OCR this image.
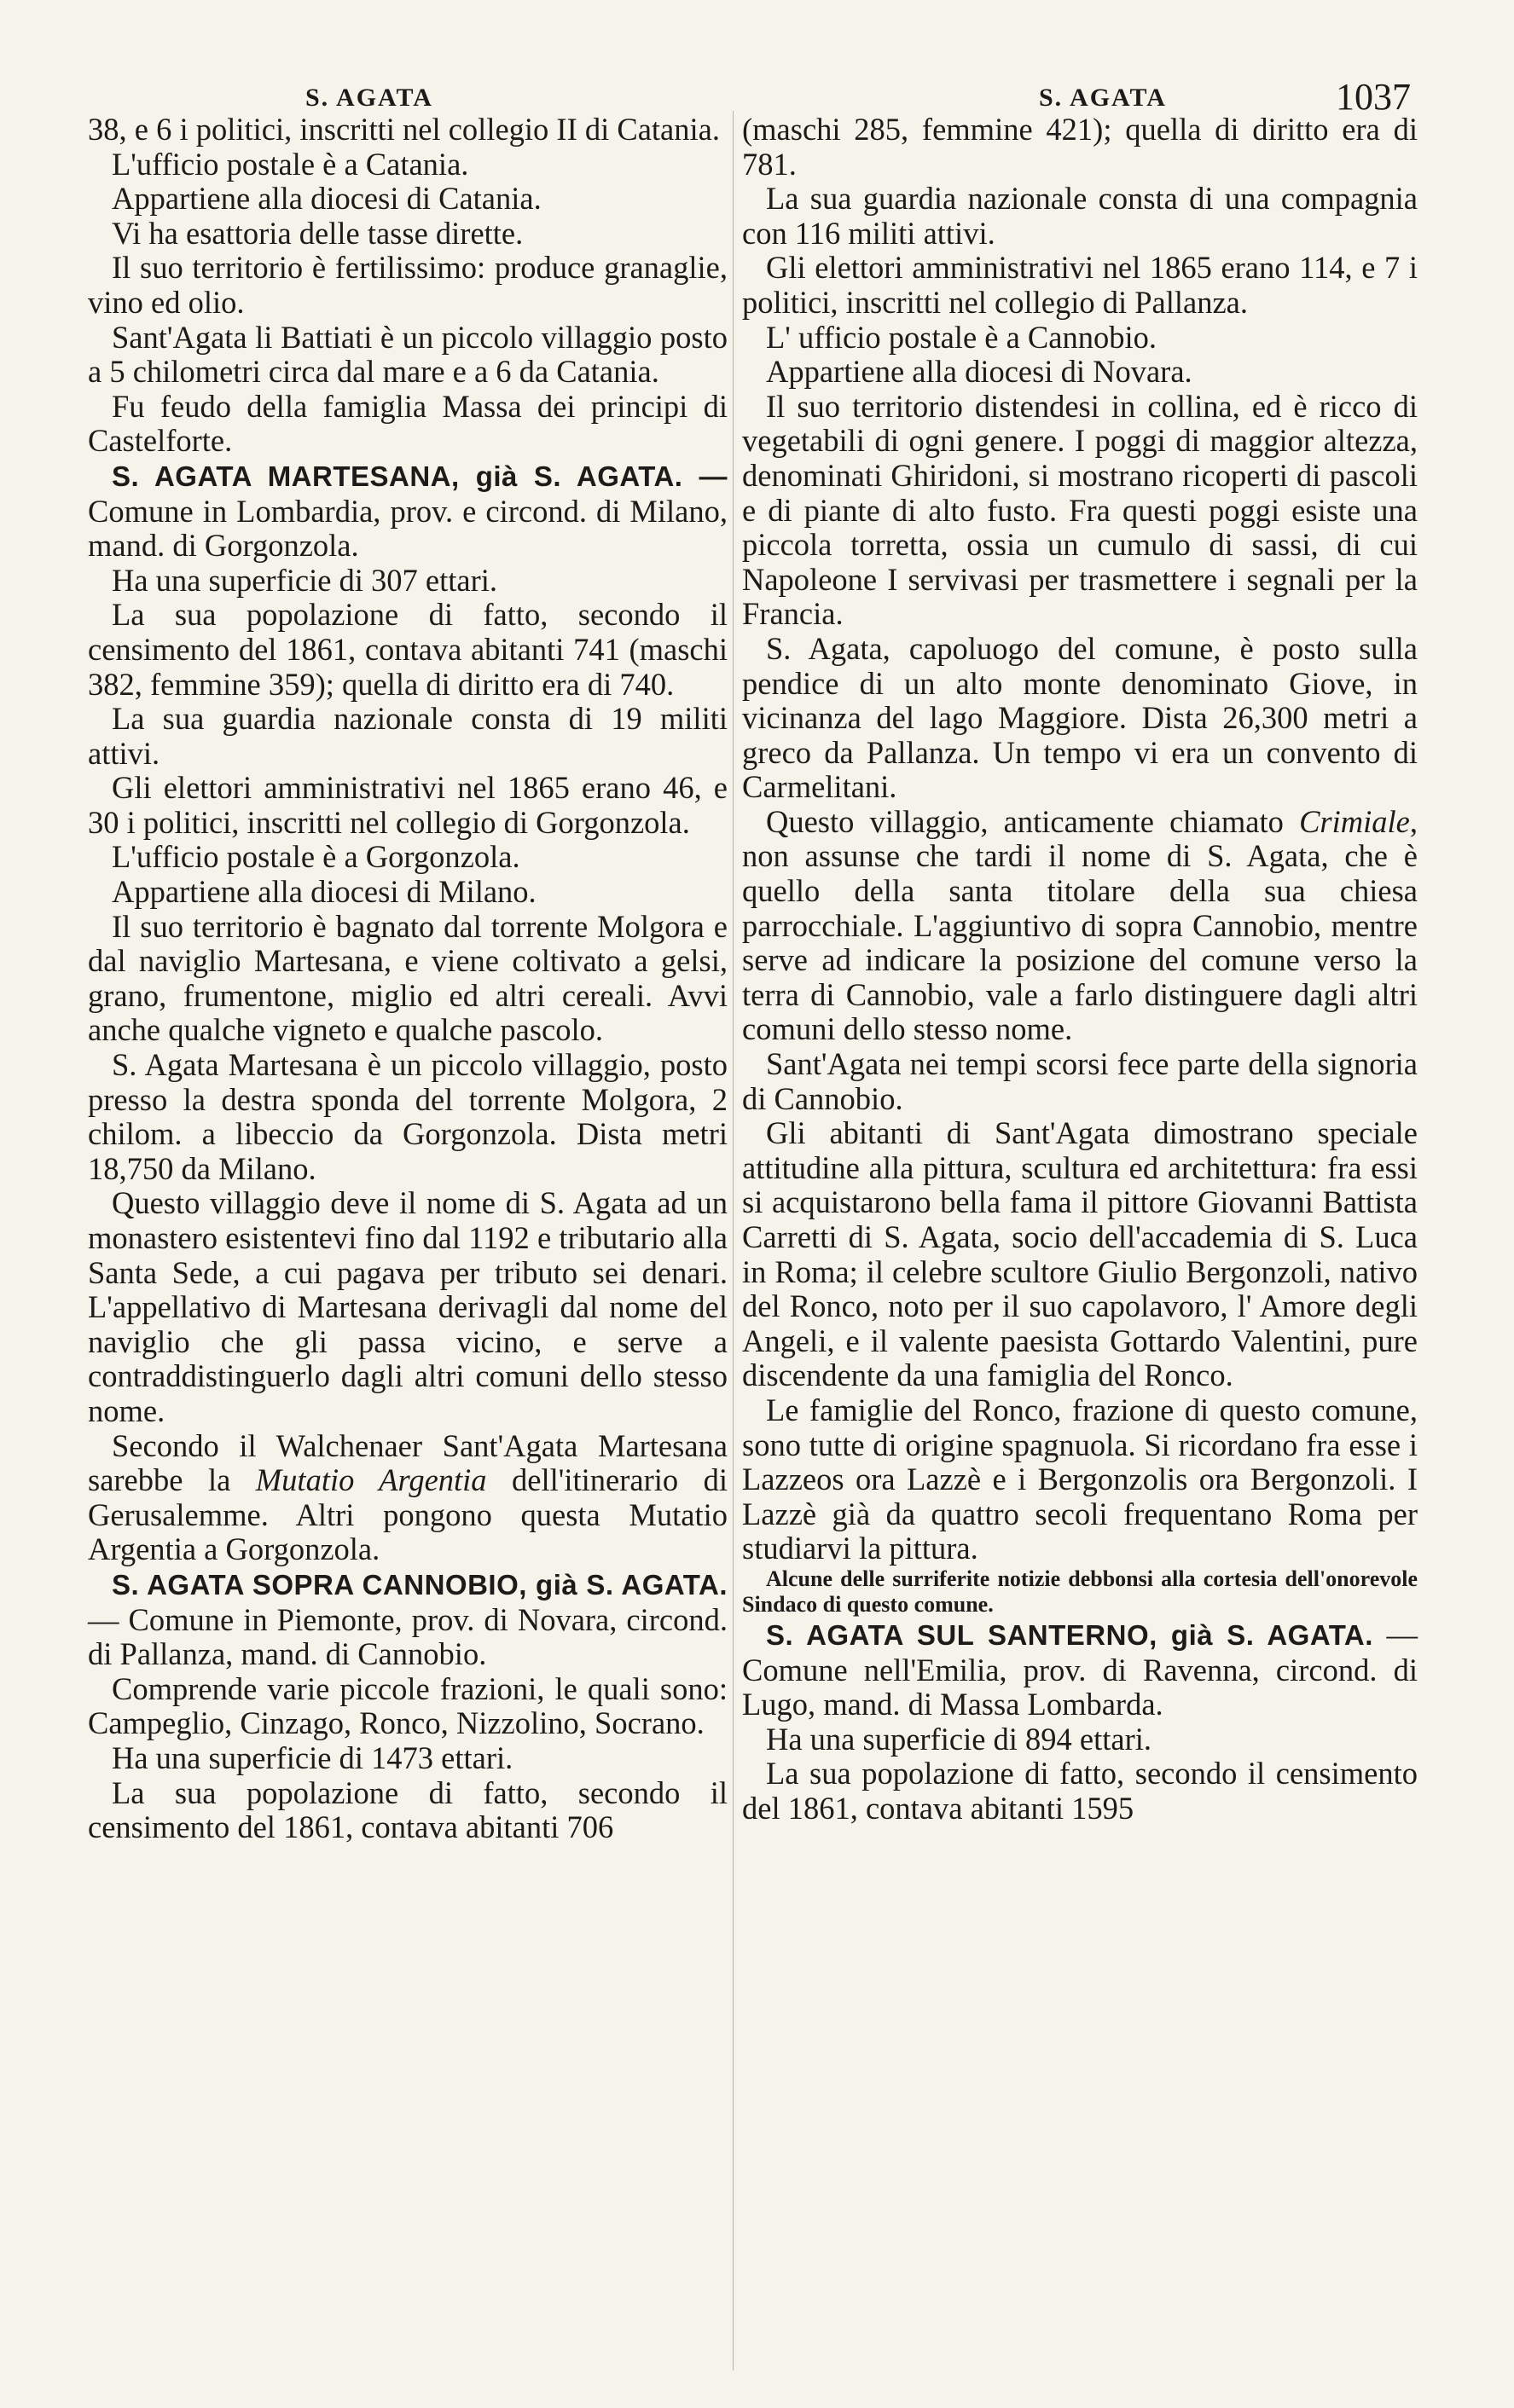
S. AGATA	S. AGATA	1037

38, e 6 i politici, inscritti nel collegio II di Catania.

L'ufficio postale è a Catania.

Appartiene alla diocesi di Catania.

Vi ha esattoria delle tasse dirette.

Il suo territorio è fertilissimo: produce granaglie, vino ed olio.

Sant'Agata li Battiati è un piccolo villaggio posto a 5 chilometri circa dal mare e a 6 da Catania.

Fu feudo della famiglia Massa dei principi di Castelforte.

S. AGATA MARTESANA, già S. AGATA. — Comune in Lombardia, prov. e circond. di Milano, mand. di Gorgonzola.

Ha una superficie di 307 ettari.

La sua popolazione di fatto, secondo il censimento del 1861, contava abitanti 741 (maschi 382, femmine 359); quella di diritto era di 740.

La sua guardia nazionale consta di 19 militi attivi.

Gli elettori amministrativi nel 1865 erano 46, e 30 i politici, inscritti nel collegio di Gorgonzola.

L'ufficio postale è a Gorgonzola.

Appartiene alla diocesi di Milano.

Il suo territorio è bagnato dal torrente Molgora e dal naviglio Martesana, e viene coltivato a gelsi, grano, frumentone, miglio ed altri cereali. Avvi anche qualche vigneto e qualche pascolo.

S. Agata Martesana è un piccolo villaggio, posto presso la destra sponda del torrente Molgora, 2 chilom. a libeccio da Gorgonzola. Dista metri 18,750 da Milano.

Questo villaggio deve il nome di S. Agata ad un monastero esistentevi fino dal 1192 e tributario alla Santa Sede, a cui pagava per tributo sei denari. L'appellativo di Martesana derivagli dal nome del naviglio che gli passa vicino, e serve a contraddistinguerlo dagli altri comuni dello stesso nome.

Secondo il Walchenaer Sant'Agata Martesana sarebbe la Mutatio Argentia dell'itinerario di Gerusalemme. Altri pongono questa Mutatio Argentia a Gorgonzola.

S. AGATA SOPRA CANNOBIO, già S. AGATA. — Comune in Piemonte, prov. di Novara, circond. di Pallanza, mand. di Cannobio.

Comprende varie piccole frazioni, le quali sono: Campeglio, Cinzago, Ronco, Nizzolino, Socrano.

Ha una superficie di 1473 ettari.

La sua popolazione di fatto, secondo il censimento del 1861, contava abitanti 706

(maschi 285, femmine 421); quella di diritto era di 781.

La sua guardia nazionale consta di una compagnia con 116 militi attivi.

Gli elettori amministrativi nel 1865 erano 114, e 7 i politici, inscritti nel collegio di Pallanza.

L' ufficio postale è a Cannobio.

Appartiene alla diocesi di Novara.

Il suo territorio distendesi in collina, ed è ricco di vegetabili di ogni genere. I poggi di maggior altezza, denominati Ghiridoni, si mostrano ricoperti di pascoli e di piante di alto fusto. Fra questi poggi esiste una piccola torretta, ossia un cumulo di sassi, di cui Napoleone I servivasi per trasmettere i segnali per la Francia.

S. Agata, capoluogo del comune, è posto sulla pendice di un alto monte denominato Giove, in vicinanza del lago Maggiore. Dista 26,300 metri a greco da Pallanza. Un tempo vi era un convento di Carmelitani.

Questo villaggio, anticamente chiamato Crimiale, non assunse che tardi il nome di S. Agata, che è quello della santa titolare della sua chiesa parrocchiale. L'aggiuntivo di sopra Cannobio, mentre serve ad indicare la posizione del comune verso la terra di Cannobio, vale a farlo distinguere dagli altri comuni dello stesso nome.

Sant'Agata nei tempi scorsi fece parte della signoria di Cannobio.

Gli abitanti di Sant'Agata dimostrano speciale attitudine alla pittura, scultura ed architettura: fra essi si acquistarono bella fama il pittore Giovanni Battista Carretti di S. Agata, socio dell'accademia di S. Luca in Roma; il celebre scultore Giulio Bergonzoli, nativo del Ronco, noto per il suo capolavoro, l' Amore degli Angeli, e il valente paesista Gottardo Valentini, pure discendente da una famiglia del Ronco.

Le famiglie del Ronco, frazione di questo comune, sono tutte di origine spagnuola. Si ricordano fra esse i Lazzeos ora Lazzè e i Bergonzolis ora Bergonzoli. I Lazzè già da quattro secoli frequentano Roma per studiarvi la pittura.

Alcune delle surriferite notizie debbonsi alla cortesia dell'onorevole Sindaco di questo comune.

S. AGATA SUL SANTERNO, già S. AGATA. — Comune nell'Emilia, prov. di Ravenna, circond. di Lugo, mand. di Massa Lombarda.

Ha una superficie di 894 ettari.

La sua popolazione di fatto, secondo il censimento del 1861, contava abitanti 1595
